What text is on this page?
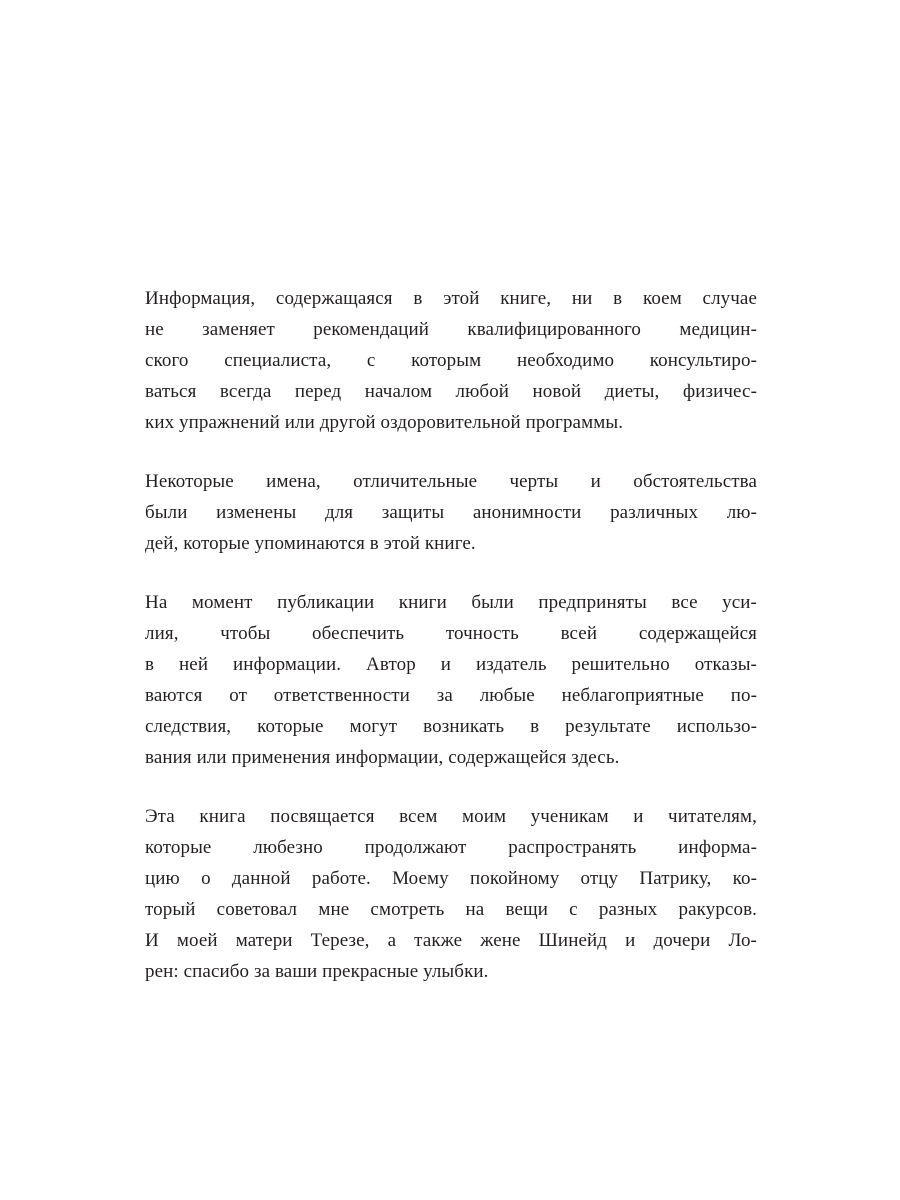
Информация, содержащаяся в этой книге, ни в коем случае
не заменяет рекомендаций квалифицированного медицин-
ского специалиста, с которым необходимо консультиро-
ваться всегда перед началом любой новой диеты, физичес-
ких упражнений или другой оздоровительной программы.

Некоторые имена, отличительные черты и обстоятельства
были изменены для защиты анонимности различных лю-
дей, которые упоминаются в этой книге.

На момент публикации книги были предприняты все уси-
лия, чтобы обеспечить точность всей содержащейся
в ней информации. Автор и издатель решительно отказы-
ваются от ответственности за любые неблагоприятные по-
следствия, которые могут возникать в результате использо-
вания или применения информации, содержащейся здесь.

Эта книга посвящается всем моим ученикам и читателям,
которые любезно продолжают распространять информа-
цию о данной работе. Моему покойному отцу Патрику, ко-
торый советовал мне смотреть на вещи с разных ракурсов.
И моей матери Терезе, а также жене Шинейд и дочери Ло-
рен: спасибо за ваши прекрасные улыбки.
